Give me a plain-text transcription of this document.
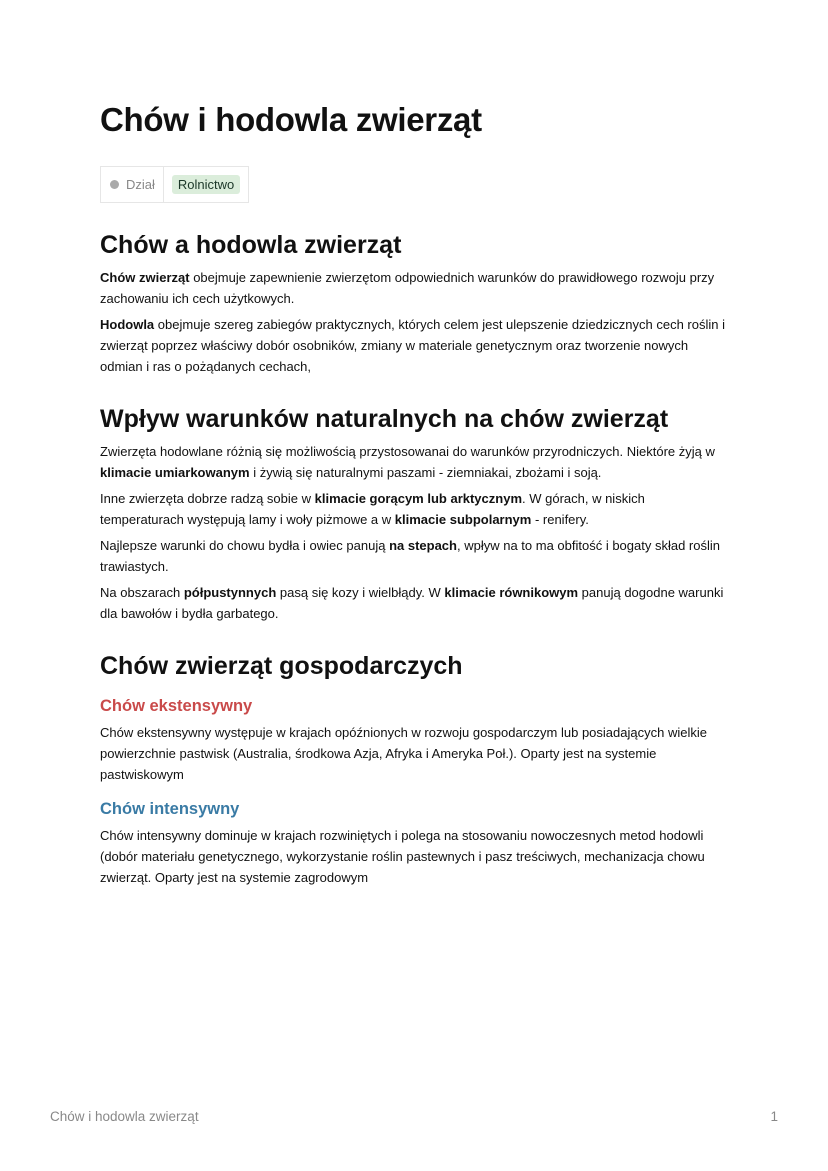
Chów i hodowla zwierząt
Dział	Rolnictwo
Chów a hodowla zwierząt

Chów zwierząt obejmuje zapewnienie zwierzętom odpowiednich warunków do prawidłowego rozwoju przy zachowaniu ich cech użytkowych.

Hodowla obejmuje szereg zabiegów praktycznych, których celem jest ulepszenie dziedzicznych cech roślin i zwierząt poprzez właściwy dobór osobników, zmiany w materiale genetycznym oraz tworzenie nowych odmian i ras o pożądanych cechach,

Wpływ warunków naturalnych na chów zwierząt

Zwierzęta hodowlane różnią się możliwością przystosowanai do warunków przyrodniczych. Niektóre żyją w klimacie umiarkowanym i żywią się naturalnymi paszami - ziemniakai, zbożami i soją.

Inne zwierzęta dobrze radzą sobie w klimacie gorącym lub arktycznym. W górach, w niskich temperaturach występują lamy i woły piżmowe a w klimacie subpolarnym - renifery.

Najlepsze warunki do chowu bydła i owiec panują na stepach, wpływ na to ma obfitość i bogaty skład roślin trawiastych.

Na obszarach półpustynnych pasą się kozy i wielbłądy. W klimacie równikowym panują dogodne warunki dla bawołów i bydła garbatego.

Chów zwierząt gospodarczych
Chów ekstensywny

Chów ekstensywny występuje w krajach opóźnionych w rozwoju gospodarczym lub posiadających wielkie powierzchnie pastwisk (Australia, środkowa Azja, Afryka i Ameryka Poł.). Oparty jest na systemie pastwiskowym

Chów intensywny

Chów intensywny dominuje w krajach rozwiniętych i polega na stosowaniu nowoczesnych metod hodowli (dobór materiału genetycznego, wykorzystanie roślin pastewnych i pasz treściwych, mechanizacja chowu zwierząt. Oparty jest na systemie zagrodowym

Chów i hodowla zwierząt	1
